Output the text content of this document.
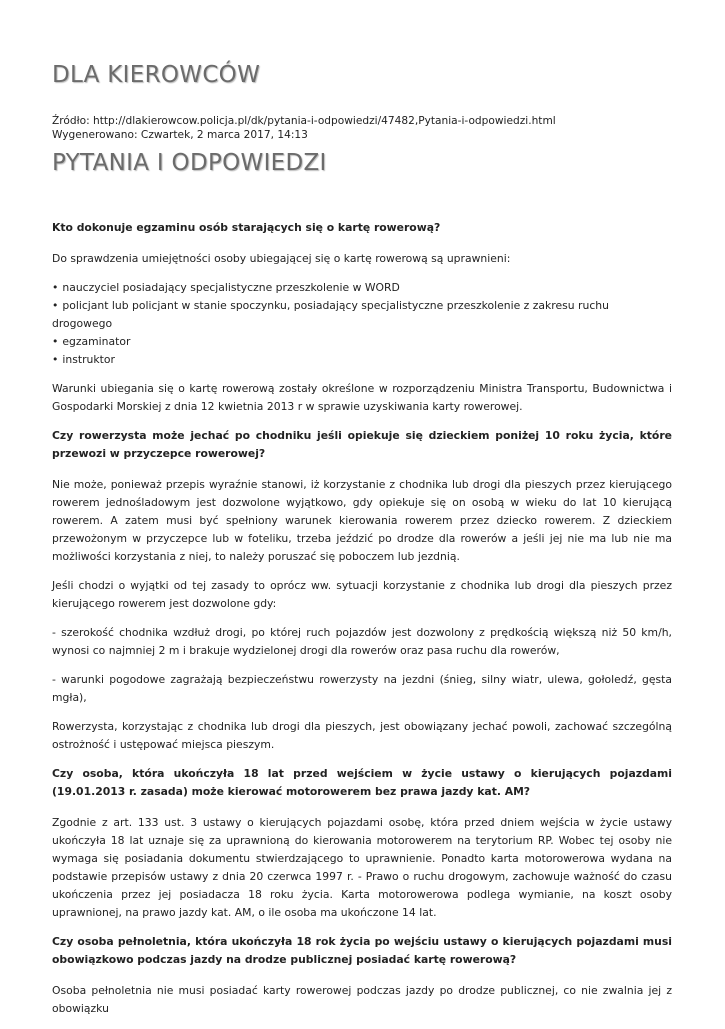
DLA KIEROWCÓW
Źródło: http://dlakierowcow.policja.pl/dk/pytania-i-odpowiedzi/47482,Pytania-i-odpowiedzi.html
Wygenerowano: Czwartek, 2 marca 2017, 14:13
PYTANIA I ODPOWIEDZI
Kto dokonuje egzaminu osób starających się o kartę rowerową?
Do sprawdzenia umiejętności osoby ubiegającej się o kartę rowerową są uprawnieni:
• nauczyciel posiadający specjalistyczne przeszkolenie w WORD
• policjant lub policjant w stanie spoczynku, posiadający specjalistyczne przeszkolenie z zakresu ruchu drogowego
• egzaminator
• instruktor
Warunki ubiegania się o kartę rowerową zostały określone w rozporządzeniu Ministra Transportu, Budownictwa i Gospodarki Morskiej z dnia 12 kwietnia 2013 r w sprawie uzyskiwania karty rowerowej.
Czy rowerzysta może jechać po chodniku jeśli opiekuje się dzieckiem poniżej 10 roku życia, które przewozi w przyczepce rowerowej?
Nie może, ponieważ przepis wyraźnie stanowi, iż korzystanie z chodnika lub drogi dla pieszych przez kierującego rowerem jednośladowym jest dozwolone wyjątkowo, gdy opiekuje się on osobą w wieku do lat 10 kierującą rowerem. A zatem musi być spełniony warunek kierowania rowerem przez dziecko rowerem. Z dzieckiem przewożonym w przyczepce lub w foteliku, trzeba jeździć po drodze dla rowerów a jeśli jej nie ma lub nie ma możliwości korzystania z niej, to należy poruszać się poboczem lub jezdnią.
Jeśli chodzi o wyjątki od tej zasady to oprócz ww. sytuacji korzystanie z chodnika lub drogi dla pieszych przez kierującego rowerem jest dozwolone gdy:
- szerokość chodnika wzdłuż drogi, po której ruch pojazdów jest dozwolony z prędkością większą niż 50 km/h, wynosi co najmniej 2 m i brakuje wydzielonej drogi dla rowerów oraz pasa ruchu dla rowerów,
- warunki pogodowe zagrażają bezpieczeństwu rowerzysty na jezdni (śnieg, silny wiatr, ulewa, gołoledź, gęsta mgła),
Rowerzysta, korzystając z chodnika lub drogi dla pieszych, jest obowiązany jechać powoli, zachować szczególną ostrożność i ustępować miejsca pieszym.
Czy osoba, która ukończyła 18 lat przed wejściem w życie ustawy o kierujących pojazdami (19.01.2013 r. zasada) może kierować motorowerem bez prawa jazdy kat. AM?
Zgodnie z art. 133 ust. 3 ustawy o kierujących pojazdami osobę, która przed dniem wejścia w życie ustawy ukończyła 18 lat uznaje się za uprawnioną do kierowania motorowerem na terytorium RP. Wobec tej osoby nie wymaga się posiadania dokumentu stwierdzającego to uprawnienie. Ponadto karta motorowerowa wydana na podstawie przepisów ustawy z dnia 20 czerwca 1997 r. - Prawo o ruchu drogowym, zachowuje ważność do czasu ukończenia przez jej posiadacza 18 roku życia. Karta motorowerowa podlega wymianie, na koszt osoby uprawnionej, na prawo jazdy kat. AM, o ile osoba ma ukończone 14 lat.
Czy osoba pełnoletnia, która ukończyła 18 rok życia po wejściu ustawy o kierujących pojazdami musi obowiązkowo podczas jazdy na drodze publicznej posiadać kartę rowerową?
Osoba pełnoletnia nie musi posiadać karty rowerowej podczas jazdy po drodze publicznej, co nie zwalnia jej z obowiązku
